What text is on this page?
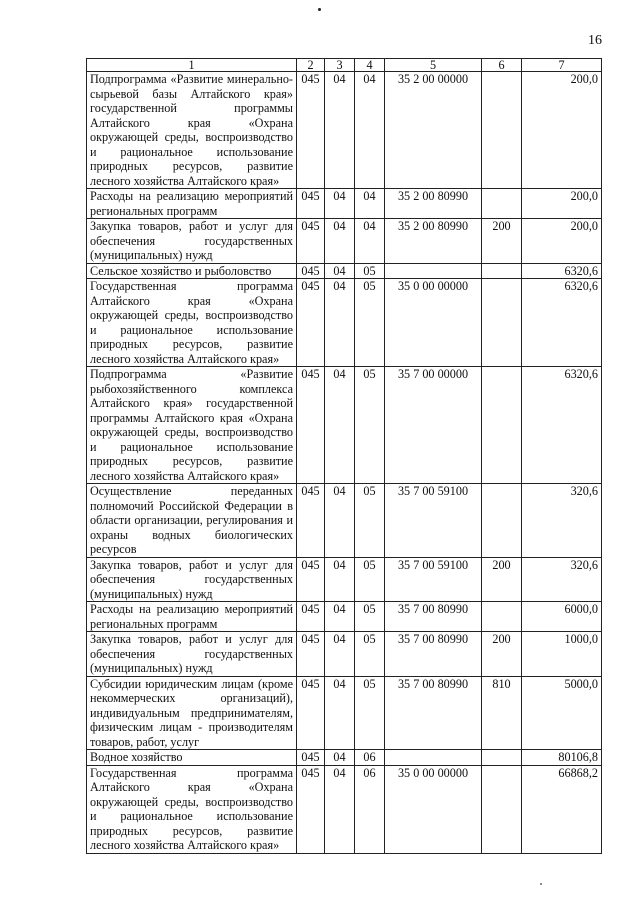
16
1	2	3	4	5	6	7
Подпрограмма «Развитие минерально-сырьевой базы Алтайского края» государственной программы Алтайского края «Охрана окружающей среды, воспроизводство и рациональное использование природных ресурсов, развитие лесного хозяйства Алтайского края»	045	04	04	35 2 00 00000		200,0
Расходы на реализацию мероприятий региональных программ	045	04	04	35 2 00 80990		200,0
Закупка товаров, работ и услуг для обеспечения государственных (муниципальных) нужд	045	04	04	35 2 00 80990	200	200,0
Сельское хозяйство и рыболовство	045	04	05			6320,6
Государственная программа Алтайского края «Охрана окружающей среды, воспроизводство и рациональное использование природных ресурсов, развитие лесного хозяйства Алтайского края»	045	04	05	35 0 00 00000		6320,6
Подпрограмма «Развитие рыбохозяйственного комплекса Алтайского края» государственной программы Алтайского края «Охрана окружающей среды, воспроизводство и рациональное использование природных ресурсов, развитие лесного хозяйства Алтайского края»	045	04	05	35 7 00 00000		6320,6
Осуществление переданных полномочий Российской Федерации в области организации, регулирования и охраны водных биологических ресурсов	045	04	05	35 7 00 59100		320,6
Закупка товаров, работ и услуг для обеспечения государственных (муниципальных) нужд	045	04	05	35 7 00 59100	200	320,6
Расходы на реализацию мероприятий региональных программ	045	04	05	35 7 00 80990		6000,0
Закупка товаров, работ и услуг для обеспечения государственных (муниципальных) нужд	045	04	05	35 7 00 80990	200	1000,0
Субсидии юридическим лицам (кроме некоммерческих организаций), индивидуальным предпринимателям, физическим лицам - производителям товаров, работ, услуг	045	04	05	35 7 00 80990	810	5000,0
Водное хозяйство	045	04	06			80106,8
Государственная программа Алтайского края «Охрана окружающей среды, воспроизводство и рациональное использование природных ресурсов, развитие лесного хозяйства Алтайского края»	045	04	06	35 0 00 00000		66868,2
